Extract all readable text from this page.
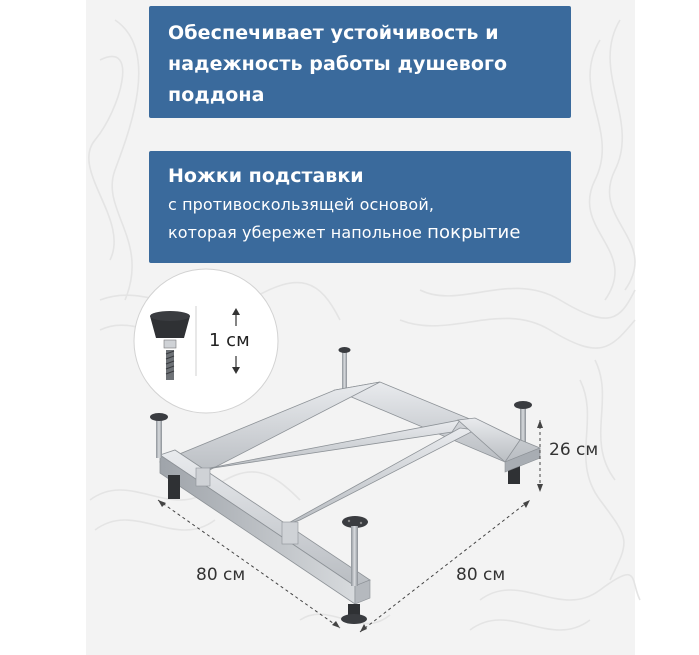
Обеспечивает устойчивость и
надежность работы душевого
поддона
Ножки подставки
с противоскользящей основой,
которая убережет напольное покрытие
1 см
80 см	80 см
26 см
